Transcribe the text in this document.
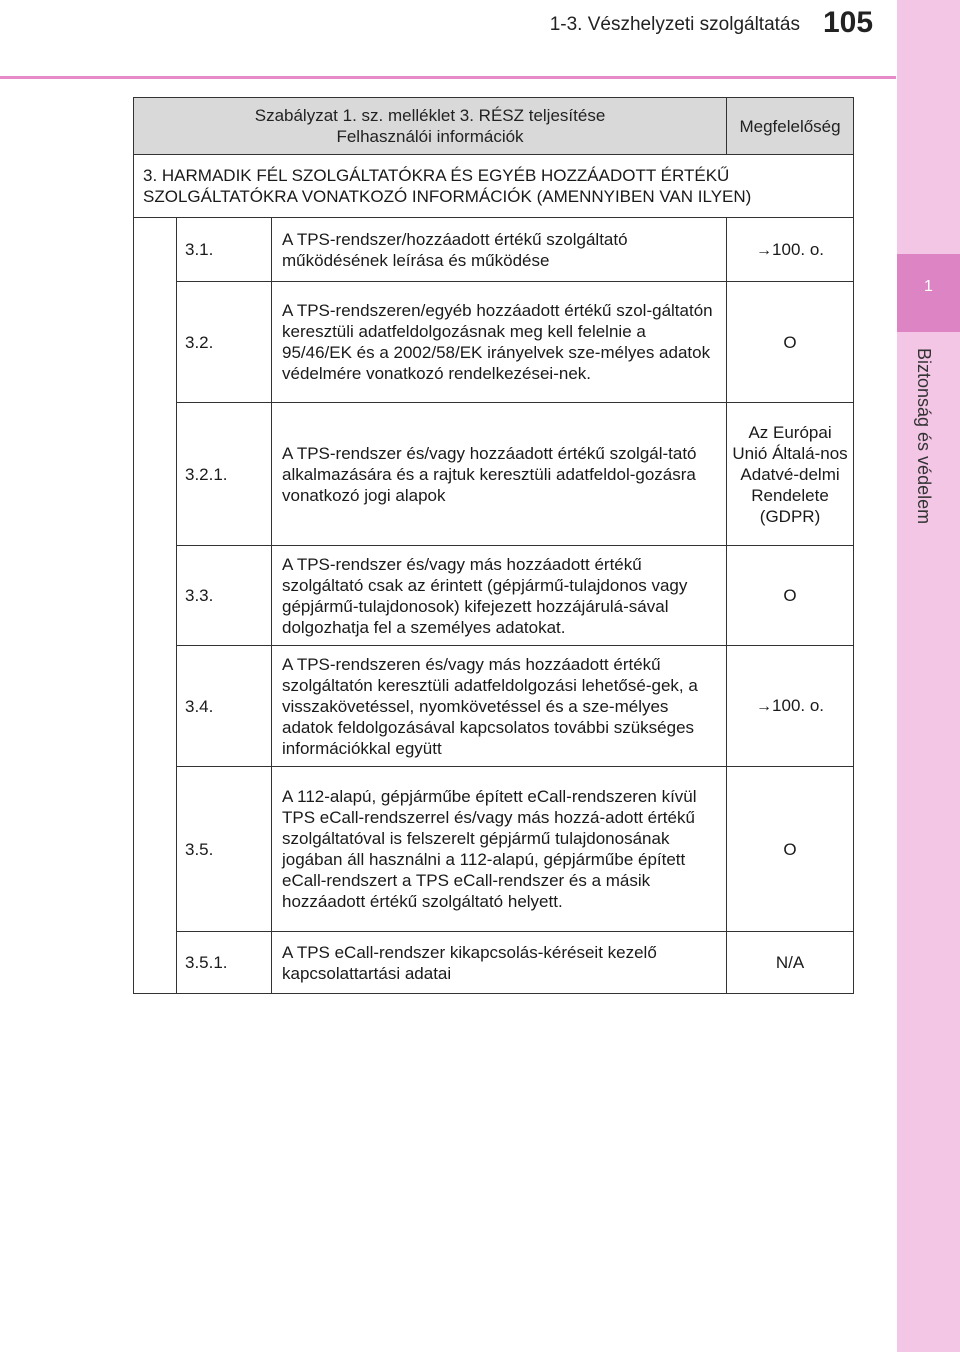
1-3. Vészhelyzeti szolgáltatás 105
1
Biztonság és védelem
Szabályzat 1. sz. melléklet 3. RÉSZ teljesítése
Felhasználói információk			Megfelelőség

3. HARMADIK FÉL SZOLGÁLTATÓKRA ÉS EGYÉB HOZZÁADOTT ÉRTÉKŰ
SZOLGÁLTATÓKRA VONATKOZÓ INFORMÁCIÓK (AMENNYIBEN VAN ILYEN)			

	3.1.	A TPS-rendszer/hozzáadott értékű szolgáltató működésének leírása és működése	→100. o.
	3.2.	A TPS-rendszeren/egyéb hozzáadott értékű szol-gáltatón keresztüli adatfeldolgozásnak meg kell felelnie a 95/46/EK és a 2002/58/EK irányelvek sze-mélyes adatok védelmére vonatkozó rendelkezései-nek.	O
	3.2.1.	A TPS-rendszer és/vagy hozzáadott értékű szolgál-tató alkalmazására és a rajtuk keresztüli adatfeldol-gozásra vonatkozó jogi alapok	Az Európai Unió Általá-nos Adatvé-delmi Rendelete (GDPR)
	3.3.	A TPS-rendszer és/vagy más hozzáadott értékű szolgáltató csak az érintett (gépjármű-tulajdonos vagy gépjármű-tulajdonosok) kifejezett hozzájárulá-sával dolgozhatja fel a személyes adatokat.	O
	3.4.	A TPS-rendszeren és/vagy más hozzáadott értékű szolgáltatón keresztüli adatfeldolgozási lehetősé-gek, a visszakövetéssel, nyomkövetéssel és a sze-mélyes adatok feldolgozásával kapcsolatos további szükséges információkkal együtt	→100. o.
	3.5.	A 112-alapú, gépjárműbe épített eCall-rendszeren kívül TPS eCall-rendszerrel és/vagy más hozzá-adott értékű szolgáltatóval is felszerelt gépjármű tulajdonosának jogában áll használni a 112-alapú, gépjárműbe épített eCall-rendszert a TPS eCall-rendszer és a másik hozzáadott értékű szolgáltató helyett.	O
	3.5.1.	A TPS eCall-rendszer kikapcsolás-kéréseit kezelő kapcsolattartási adatai	N/A
